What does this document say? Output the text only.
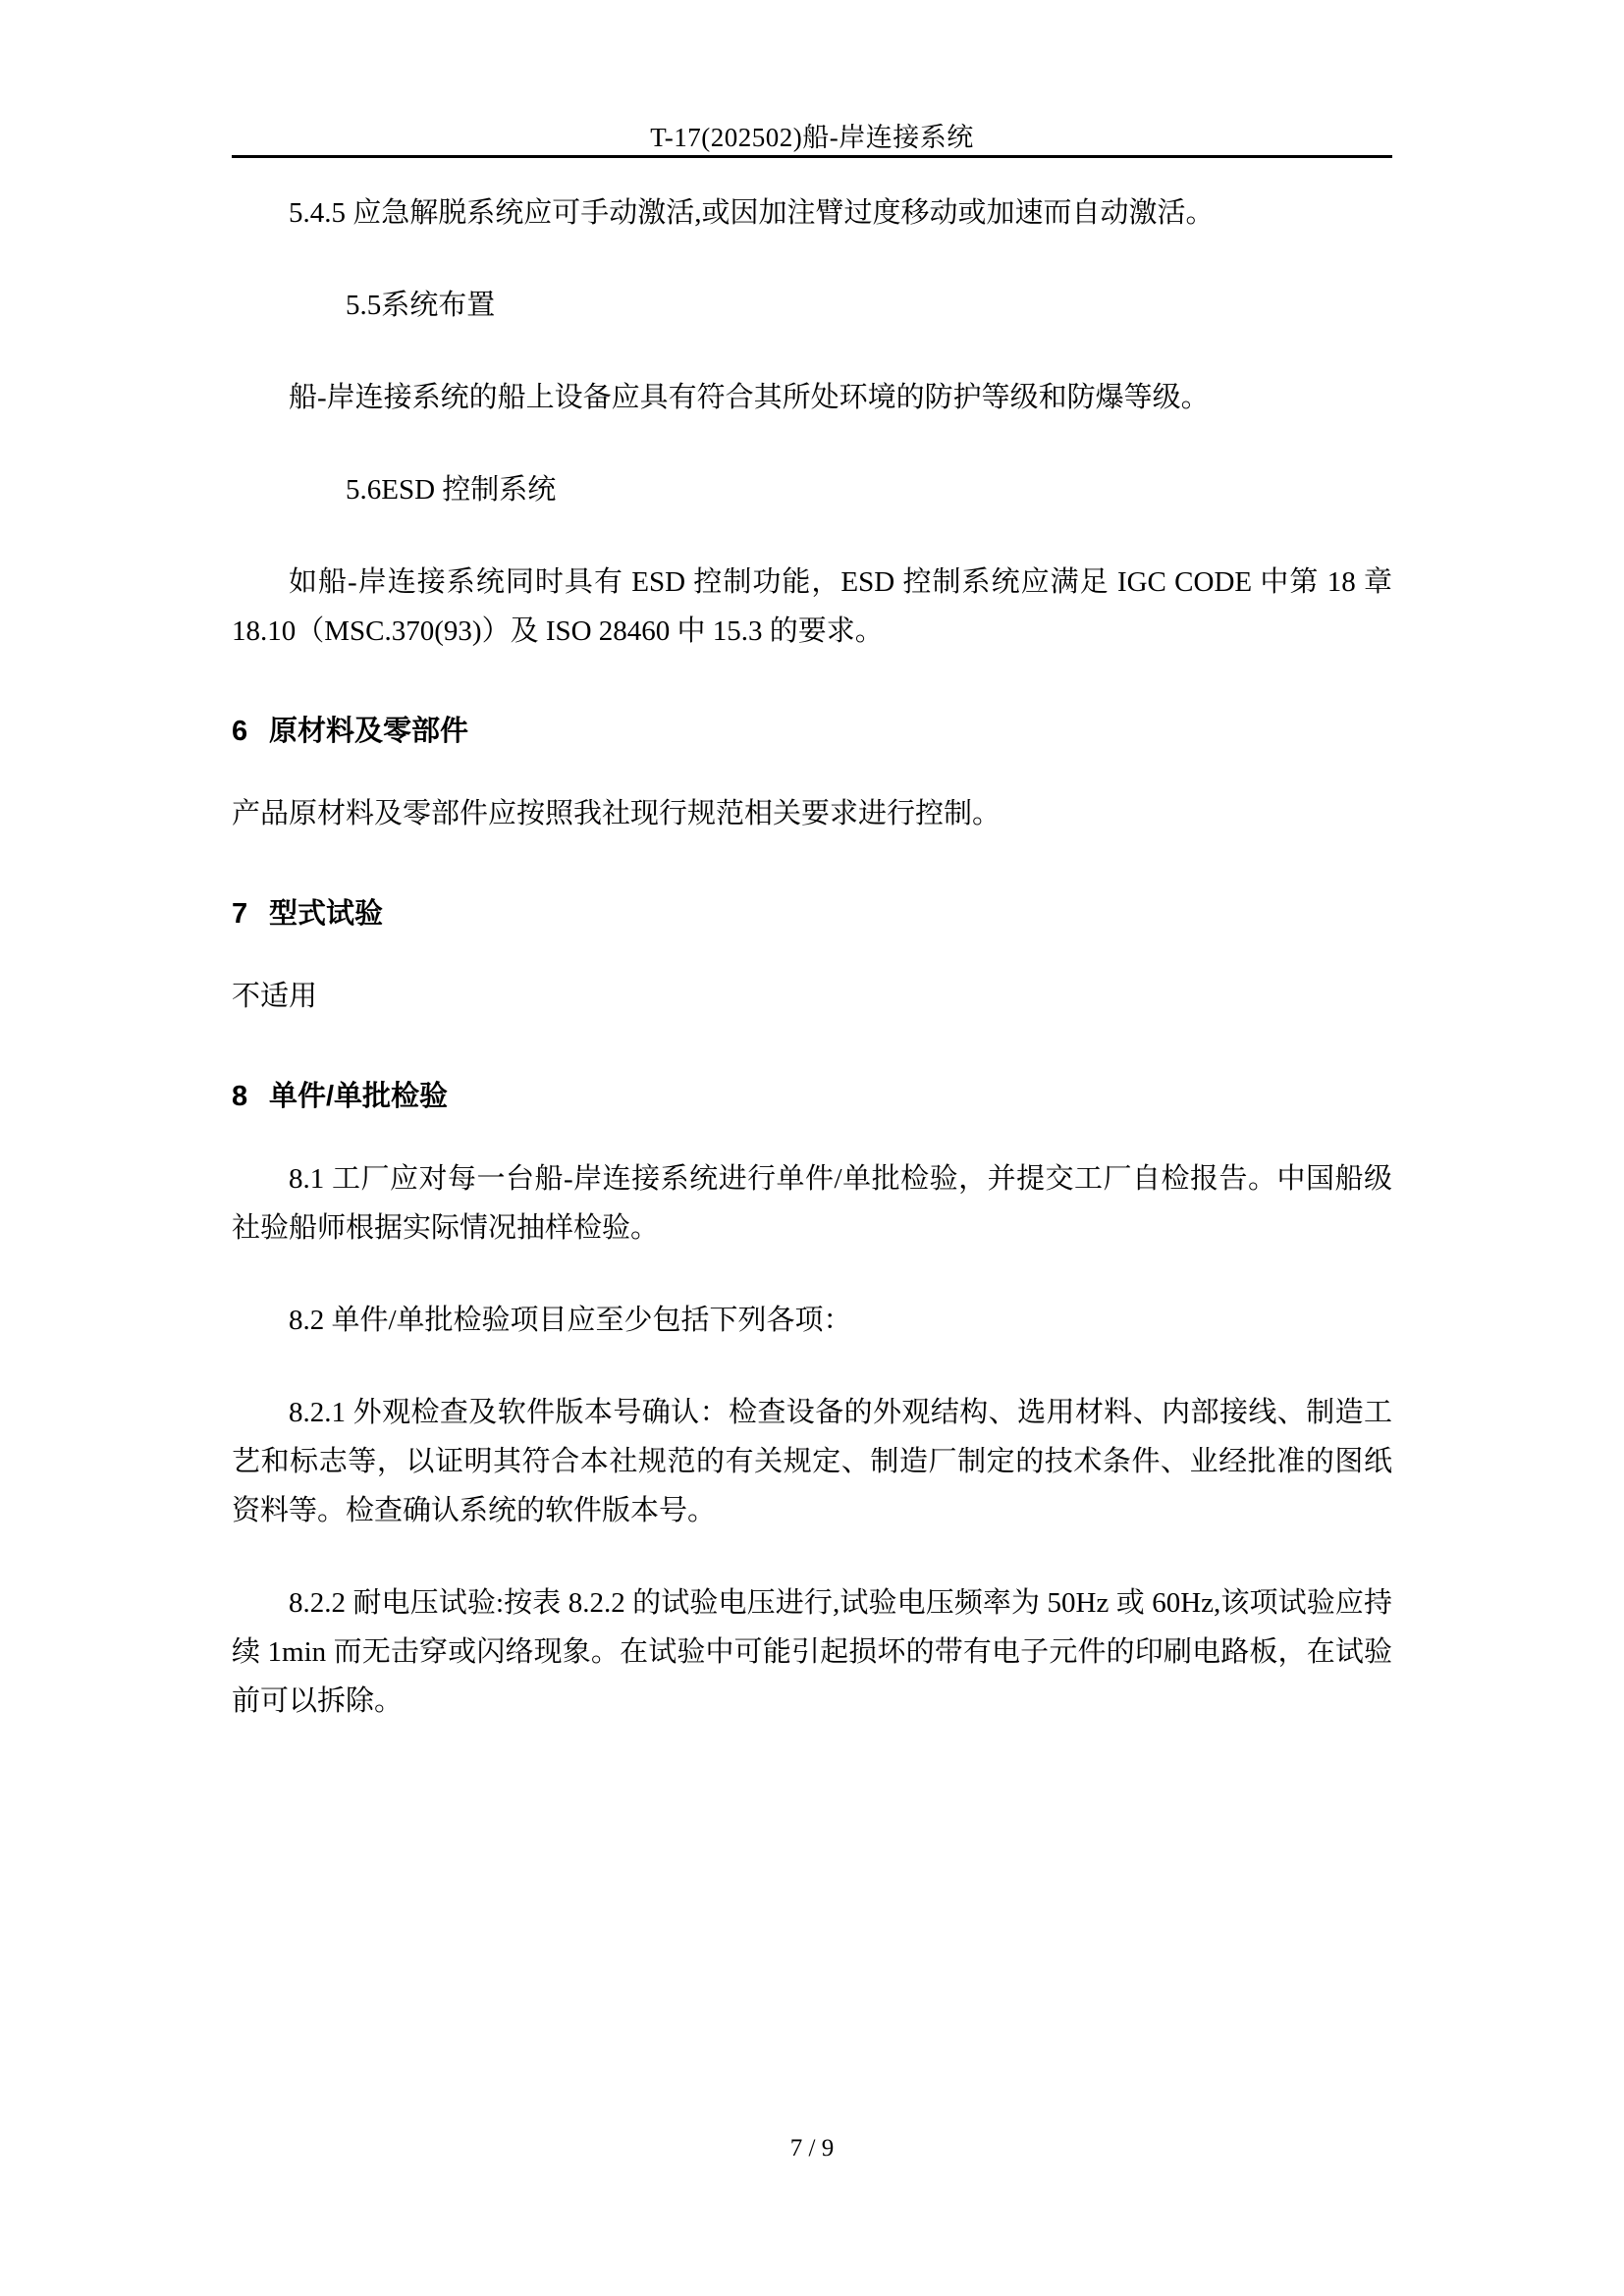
T-17(202502)船-岸连接系统

5.4.5 应急解脱系统应可手动激活,或因加注臂过度移动或加速而自动激活。

5.5系统布置

船-岸连接系统的船上设备应具有符合其所处环境的防护等级和防爆等级。

5.6ESD 控制系统

如船-岸连接系统同时具有 ESD 控制功能，ESD 控制系统应满足 IGC CODE 中第 18 章 18.10（MSC.370(93)）及 ISO 28460 中 15.3 的要求。

6 原材料及零部件

产品原材料及零部件应按照我社现行规范相关要求进行控制。

7 型式试验

不适用

8 单件/单批检验

8.1 工厂应对每一台船-岸连接系统进行单件/单批检验，并提交工厂自检报告。中国船级社验船师根据实际情况抽样检验。

8.2 单件/单批检验项目应至少包括下列各项：

8.2.1 外观检查及软件版本号确认：检查设备的外观结构、选用材料、内部接线、制造工艺和标志等，以证明其符合本社规范的有关规定、制造厂制定的技术条件、业经批准的图纸资料等。检查确认系统的软件版本号。

8.2.2 耐电压试验:按表 8.2.2 的试验电压进行,试验电压频率为 50Hz 或 60Hz,该项试验应持续 1min 而无击穿或闪络现象。在试验中可能引起损坏的带有电子元件的印刷电路板，在试验前可以拆除。

7 / 9
